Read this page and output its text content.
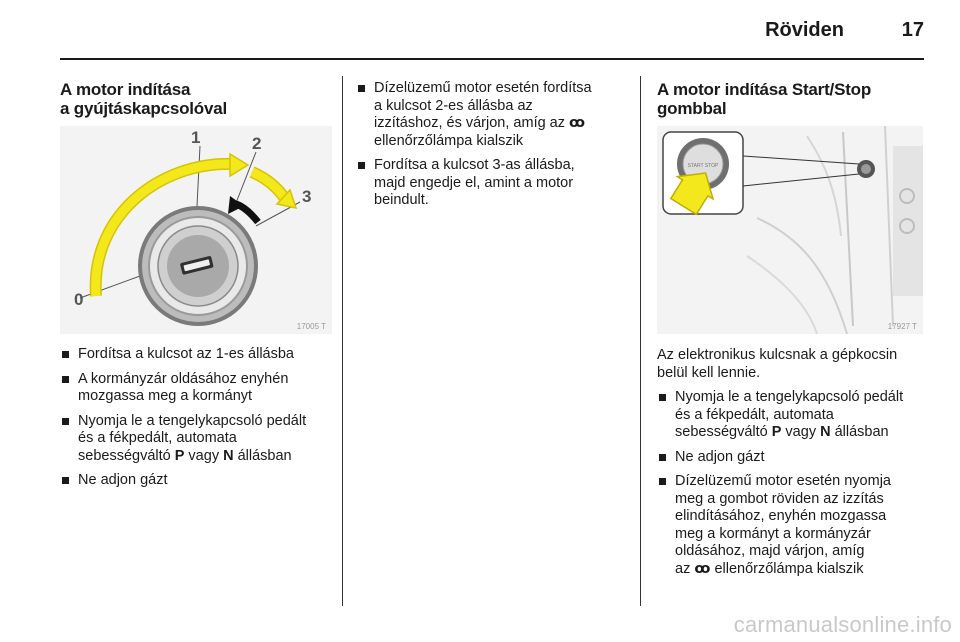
Röviden	17
A motor indítása
a gyújtáskapcsolóval
0
1	2
3
17005 T
Fordítsa a kulcsot az 1-es állásba
A kormányzár oldásához enyhén
mozgassa meg a kormányt
Nyomja le a tengelykapcsoló pedált
és a fékpedált, automata
sebességváltó P vagy N állásban
Ne adjon gázt
Dízelüzemű motor esetén fordítsa
a kulcsot 2-es állásba az
izzításhoz, és várjon, amíg az ꝏ
ellenőrzőlámpa kialszik
Fordítsa a kulcsot 3-as állásba,
majd engedje el, amint a motor
beindult.
A motor indítása Start/Stop
gombbal
START STOP
17927 T
Az elektronikus kulcsnak a gépkocsin
belül kell lennie.
Nyomja le a tengelykapcsoló pedált
és a fékpedált, automata
sebességváltó P vagy N állásban
Ne adjon gázt
Dízelüzemű motor esetén nyomja
meg a gombot röviden az izzítás
elindításához, enyhén mozgassa
meg a kormányt a kormányzár
oldásához, majd várjon, amíg
az ꝏ ellenőrzőlámpa kialszik
carmanualsonline.info
